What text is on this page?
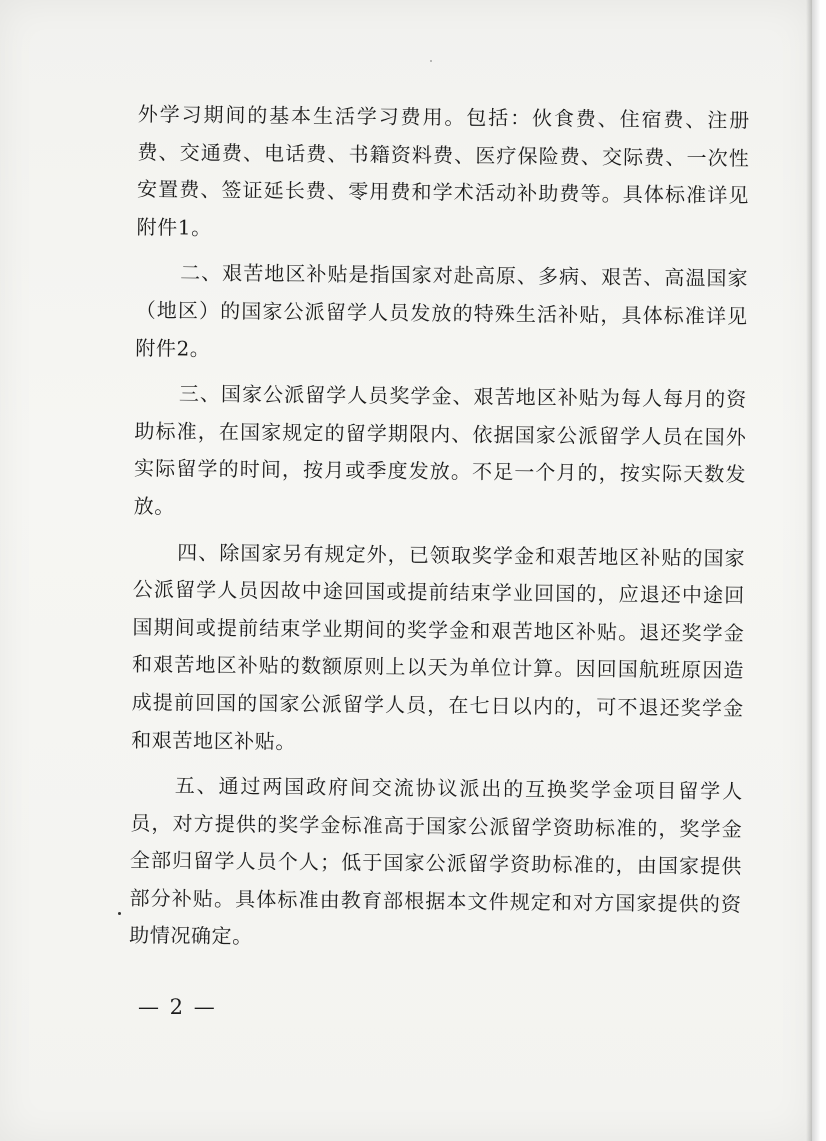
外学习期间的基本生活学习费用。包括：伙食费、住宿费、注册费、交通费、电话费、书籍资料费、医疗保险费、交际费、一次性安置费、签证延长费、零用费和学术活动补助费等。具体标准详见附件1。

二、艰苦地区补贴是指国家对赴高原、多病、艰苦、高温国家（地区）的国家公派留学人员发放的特殊生活补贴，具体标准详见附件2。

三、国家公派留学人员奖学金、艰苦地区补贴为每人每月的资助标准，在国家规定的留学期限内、依据国家公派留学人员在国外实际留学的时间，按月或季度发放。不足一个月的，按实际天数发放。

四、除国家另有规定外，已领取奖学金和艰苦地区补贴的国家公派留学人员因故中途回国或提前结束学业回国的，应退还中途回国期间或提前结束学业期间的奖学金和艰苦地区补贴。退还奖学金和艰苦地区补贴的数额原则上以天为单位计算。因回国航班原因造成提前回国的国家公派留学人员，在七日以内的，可不退还奖学金和艰苦地区补贴。

五、通过两国政府间交流协议派出的互换奖学金项目留学人员，对方提供的奖学金标准高于国家公派留学资助标准的，奖学金全部归留学人员个人；低于国家公派留学资助标准的，由国家提供部分补贴。具体标准由教育部根据本文件规定和对方国家提供的资助情况确定。

— 2 —
